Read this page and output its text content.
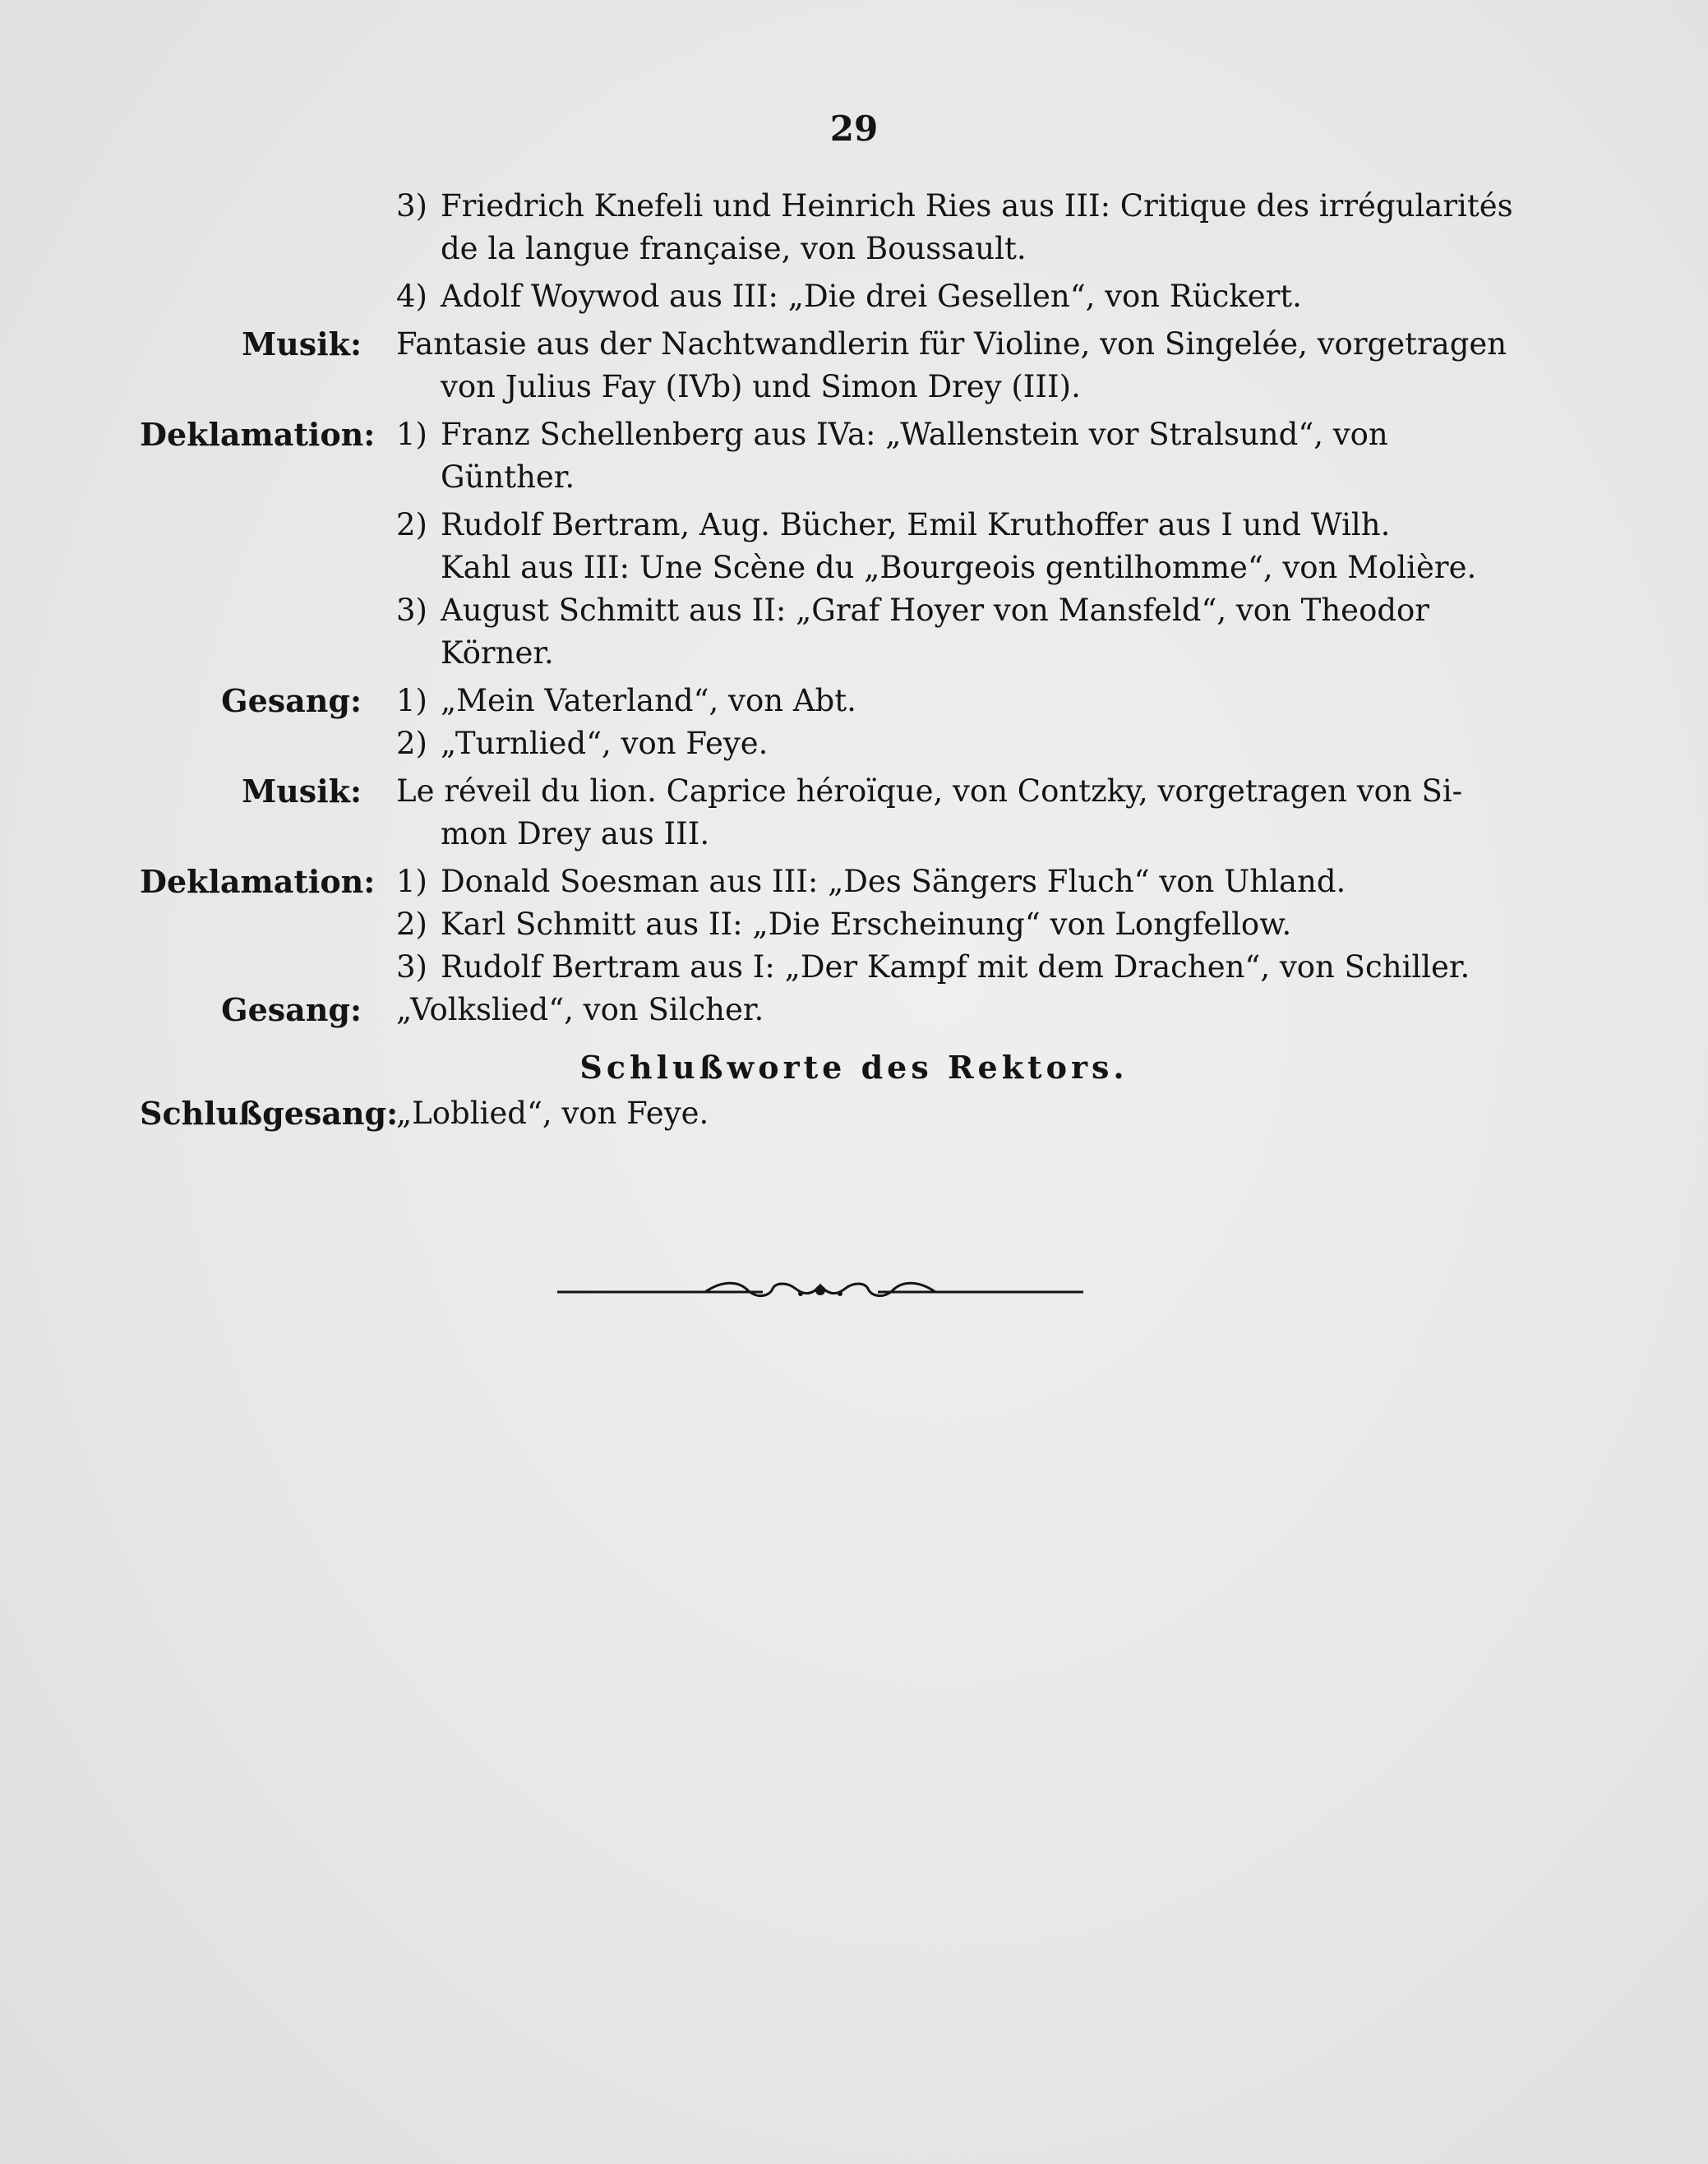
29
3) Friedrich Knefeli und Heinrich Ries aus III: Critique des irrégularités
de la langue française, von Boussault.
4) Adolf Woywod aus III: „Die drei Gesellen“, von Rückert.
Musik: Fantasie aus der Nachtwandlerin für Violine, von Singelée, vorgetragen
von Julius Fay (IVb) und Simon Drey (III).
Deklamation: 1) Franz Schellenberg aus IVa: „Wallenstein vor Stralsund“, von
Günther.
2) Rudolf Bertram, Aug. Bücher, Emil Kruthoffer aus I und Wilh.
Kahl aus III: Une Scène du „Bourgeois gentilhomme“, von Molière.
3) August Schmitt aus II: „Graf Hoyer von Mansfeld“, von Theodor
Körner.
Gesang: 1) „Mein Vaterland“, von Abt.
2) „Turnlied“, von Feye.
Musik: Le réveil du lion. Caprice héroïque, von Contzky, vorgetragen von Si-
mon Drey aus III.
Deklamation: 1) Donald Soesman aus III: „Des Sängers Fluch“ von Uhland.
2) Karl Schmitt aus II: „Die Erscheinung“ von Longfellow.
3) Rudolf Bertram aus I: „Der Kampf mit dem Drachen“, von Schiller.
Gesang: „Volkslied“, von Silcher.
Schlußworte des Rektors.
Schlußgesang:
„Loblied“, von Feye.
